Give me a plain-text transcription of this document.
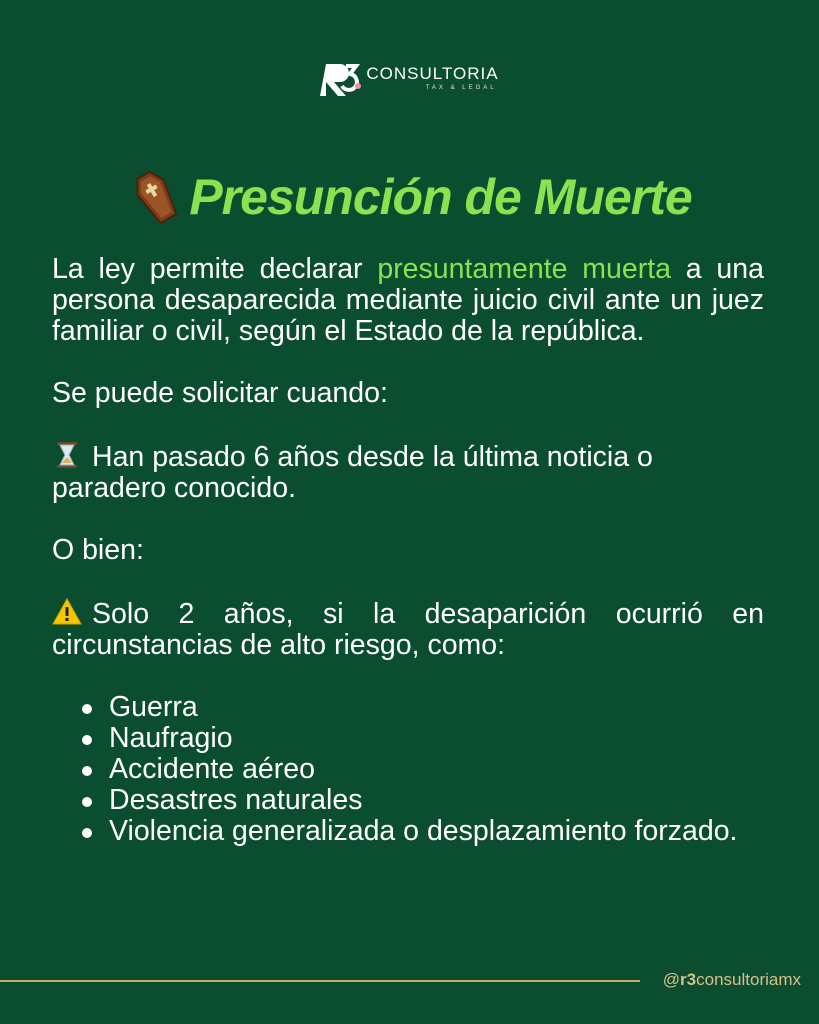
CONSULTORIA
TAX & LEGAL
Presunción de Muerte

La ley permite declarar presuntamente muerta a una persona desaparecida mediante juicio civil ante un juez familiar o civil, según el Estado de la república.

Se puede solicitar cuando:

Han pasado 6 años desde la última noticia o paradero conocido.

O bien:

Solo 2 años, si la desaparición ocurrió en circunstancias de alto riesgo, como:

Guerra
Naufragio
Accidente aéreo
Desastres naturales
Violencia generalizada o desplazamiento forzado.
@r3consultoriamx
